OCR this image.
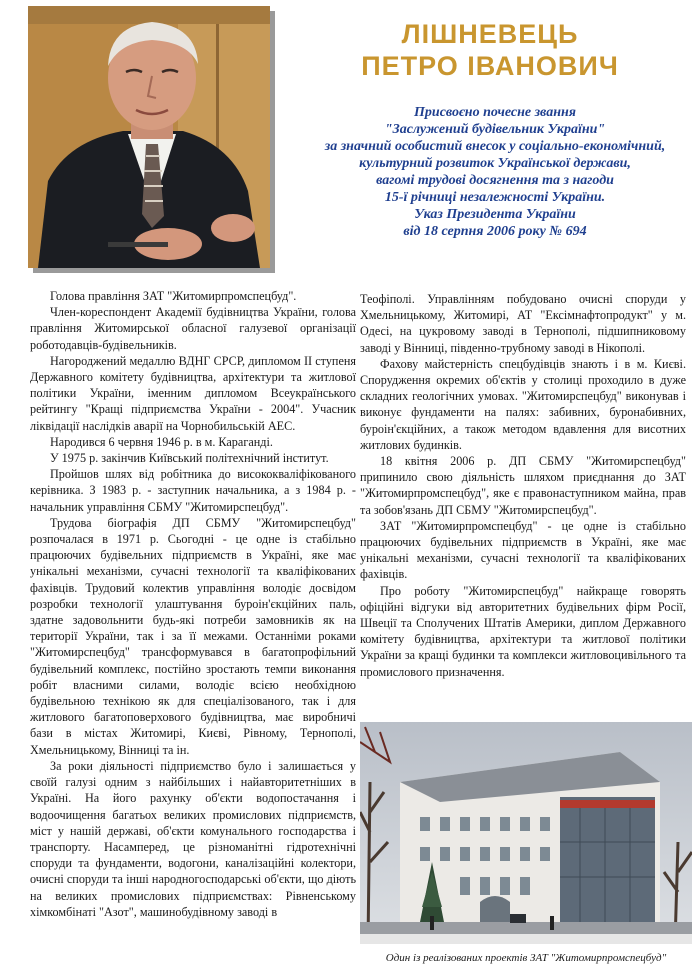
ЛІШНЕВЕЦЬ
ПЕТРО ІВАНОВИЧ
Присвоєно почесне звання
"Заслужений будівельник України"
за значний особистий внесок у соціально-економічний,
культурний розвиток Української держави,
вагомі трудові досягнення та з нагоди
15-ї річниці незалежності України.
Указ Президента України
від 18 серпня 2006 року № 694

Голова правління ЗАТ "Житомирпромспецбуд".

Член-кореспондент Академії будівництва України, голова правління Житомирської обласної галузевої організації роботодавців-будівельників.

Нагороджений медаллю ВДНГ СРСР, дипломом II ступеня Державного комітету будівництва, архітектури та житлової політики України, іменним дипломом Всеукраїнського рейтингу "Кращі підприємства України - 2004". Учасник ліквідації наслідків аварії на Чорнобильській АЕС.

Народився 6 червня 1946 р. в м. Караганді.

У 1975 р. закінчив Київський політехнічний інститут.

Пройшов шлях від робітника до висококваліфікованого керівника. З 1983 р. - заступник начальника, а з 1984 р. - начальник управління СБМУ "Житомирспецбуд".

Трудова біографія ДП СБМУ "Житомирспецбуд" розпочалася в 1971 р. Сьогодні - це одне із стабільно працюючих будівельних підприємств в Україні, яке має унікальні механізми, сучасні технології та кваліфікованих фахівців. Трудовий колектив управління володіє досвідом розробки технології улаштування буроін'єкційних паль, здатне задовольнити будь-які потреби замовників як на території України, так і за її межами. Останніми роками "Житомирспецбуд" трансформувався в багатопрофільний будівельний комплекс, постійно зростають темпи виконання робіт власними силами, володіє всією необхідною будівельною технікою як для спеціалізованого, так і для житлового багатоповерхового будівництва, має виробничі бази в містах Житомирі, Києві, Рівному, Тернополі, Хмельницькому, Вінниці та ін.

За роки діяльності підприємство було і залишається у своїй галузі одним з найбільших і найавторитетніших в Україні. На його рахунку об'єкти водопостачання і водоочищення багатьох великих промислових підприємств, міст у нашій державі, об'єкти комунального господарства і транспорту. Насамперед, це різноманітні гідротехнічні споруди та фундаменти, водогони, каналізаційні колектори, очисні споруди та інші народногосподарські об'єкти, що діють на великих промислових підприємствах: Рівненському хімкомбінаті "Азот", машинобудівному заводі в

Теофіполі. Управлінням побудовано очисні споруди у Хмельницькому, Житомирі, АТ "Ексімнафтопродукт" у м. Одесі, на цукровому заводі в Тернополі, підшипниковому заводі у Вінниці, південно-трубному заводі в Нікополі.

Фахову майстерність спецбудівців знають і в м. Києві. Спорудження окремих об'єктів у столиці проходило в дуже складних геологічних умовах. "Житомирспецбуд" виконував і виконує фундаменти на палях: забивних, буронабивних, буроін'єкційних, а також методом вдавлення для висотних житлових будинків.

18 квітня 2006 р. ДП СБМУ "Житомирспецбуд" припинило свою діяльність шляхом приєднання до ЗАТ "Житомирпромспецбуд", яке є правонаступником майна, прав та зобов'язань ДП СБМУ "Житомирспецбуд".

ЗАТ "Житомирпромспецбуд" - це одне із стабільно працюючих будівельних підприємств в Україні, яке має унікальні механізми, сучасні технології та кваліфікованих фахівців.

Про роботу "Житомирспецбуд" найкраще говорять офіційні відгуки від авторитетних будівельних фірм Росії, Швеції та Сполучених Штатів Америки, диплом Державного комітету будівництва, архітектури та житлової політики України за кращі будинки та комплекси житловоцивільного та промислового призначення.

Один із реалізованих проектів ЗАТ "Житомирпромспецбуд"
